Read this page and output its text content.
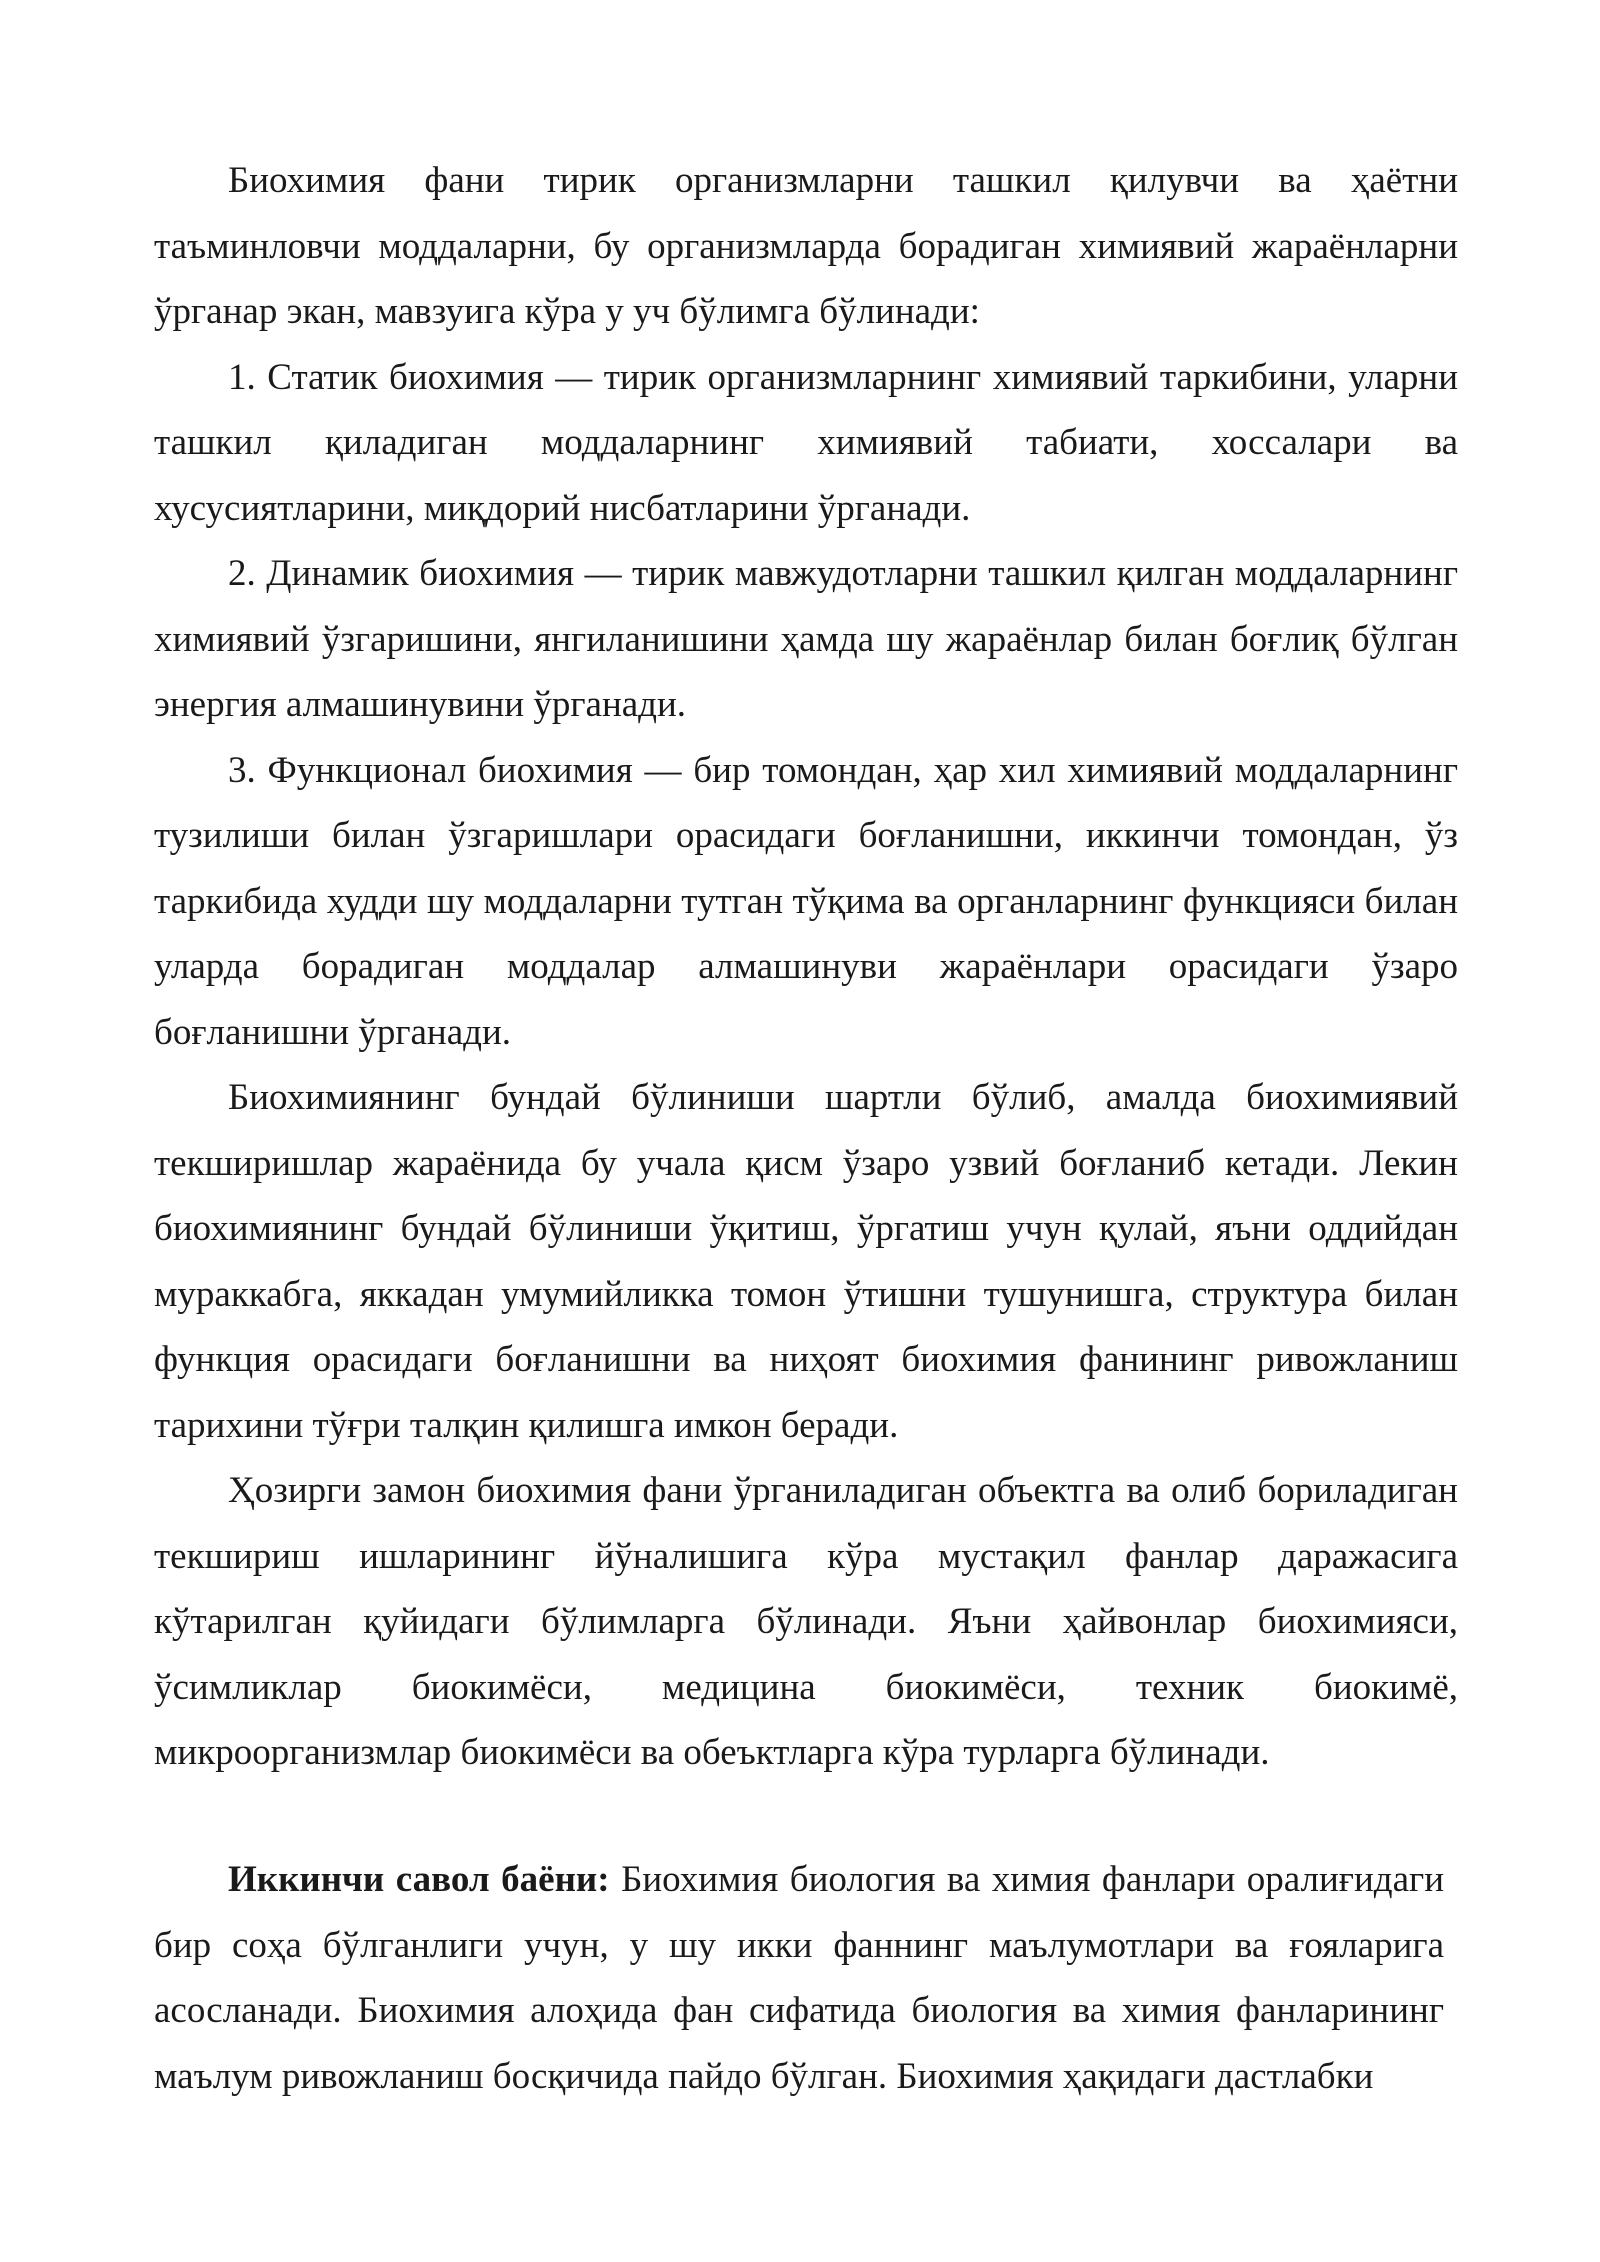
Биохимия фани тирик организмларни ташкил қилувчи ва ҳаётни таъминловчи моддаларни, бу организмларда борадиган химиявий жараёнларни ўрганар экан, мавзуига кўра у уч бўлимга бўлинади:

1. Статик биохимия — тирик организмларнинг химиявий таркибини, уларни ташкил қиладиган моддаларнинг химиявий табиати, хоссалари ва хусусиятларини, миқдорий нисбатларини ўрганади.

2. Динамик биохимия — тирик мавжудотларни ташкил қилган моддаларнинг химиявий ўзгаришини, янгиланишини ҳамда шу жараёнлар билан боғлиқ бўлган энергия алмашинувини ўрганади.

3. Функционал биохимия — бир томондан, ҳар хил химиявий моддаларнинг тузилиши билан ўзгаришлари орасидаги боғланишни, иккинчи томондан, ўз таркибида худди шу моддаларни тутган тўқима ва органларнинг функцияси билан уларда борадиган моддалар алмашинуви жараёнлари орасидаги ўзаро боғланишни ўрганади.

Биохимиянинг бундай бўлиниши шартли бўлиб, амалда биохимиявий текширишлар жараёнида бу учала қисм ўзаро узвий боғланиб кетади. Лекин биохимиянинг бундай бўлиниши ўқитиш, ўргатиш учун қулай, яъни оддийдан мураккабга, яккадан умумийликка томон ўтишни тушунишга, структура билан функция орасидаги боғланишни ва ниҳоят биохимия фанининг ривожланиш тарихини тўғри талқин қилишга имкон беради.

Ҳозирги замон биохимия фани ўрганиладиган объектга ва олиб бориладиган текшириш ишларининг йўналишига кўра мустақил фанлар даражасига кўтарилган қуйидаги бўлимларга бўлинади. Яъни ҳайвонлар биохимияси, ўсимликлар биокимёси, медицина биокимёси, техник биокимё, микроорганизмлар биокимёси ва обеъктларга кўра турларга бўлинади.

Иккинчи савол баёни: Биохимия биология ва химия фанлари оралиғидаги бир соҳа бўлганлиги учун, у шу икки фаннинг маълумотлари ва ғояларига асосланади. Биохимия алоҳида фан сифатида биология ва химия фанларининг маълум ривожланиш босқичида пайдо бўлган. Биохимия ҳақидаги дастлабки
